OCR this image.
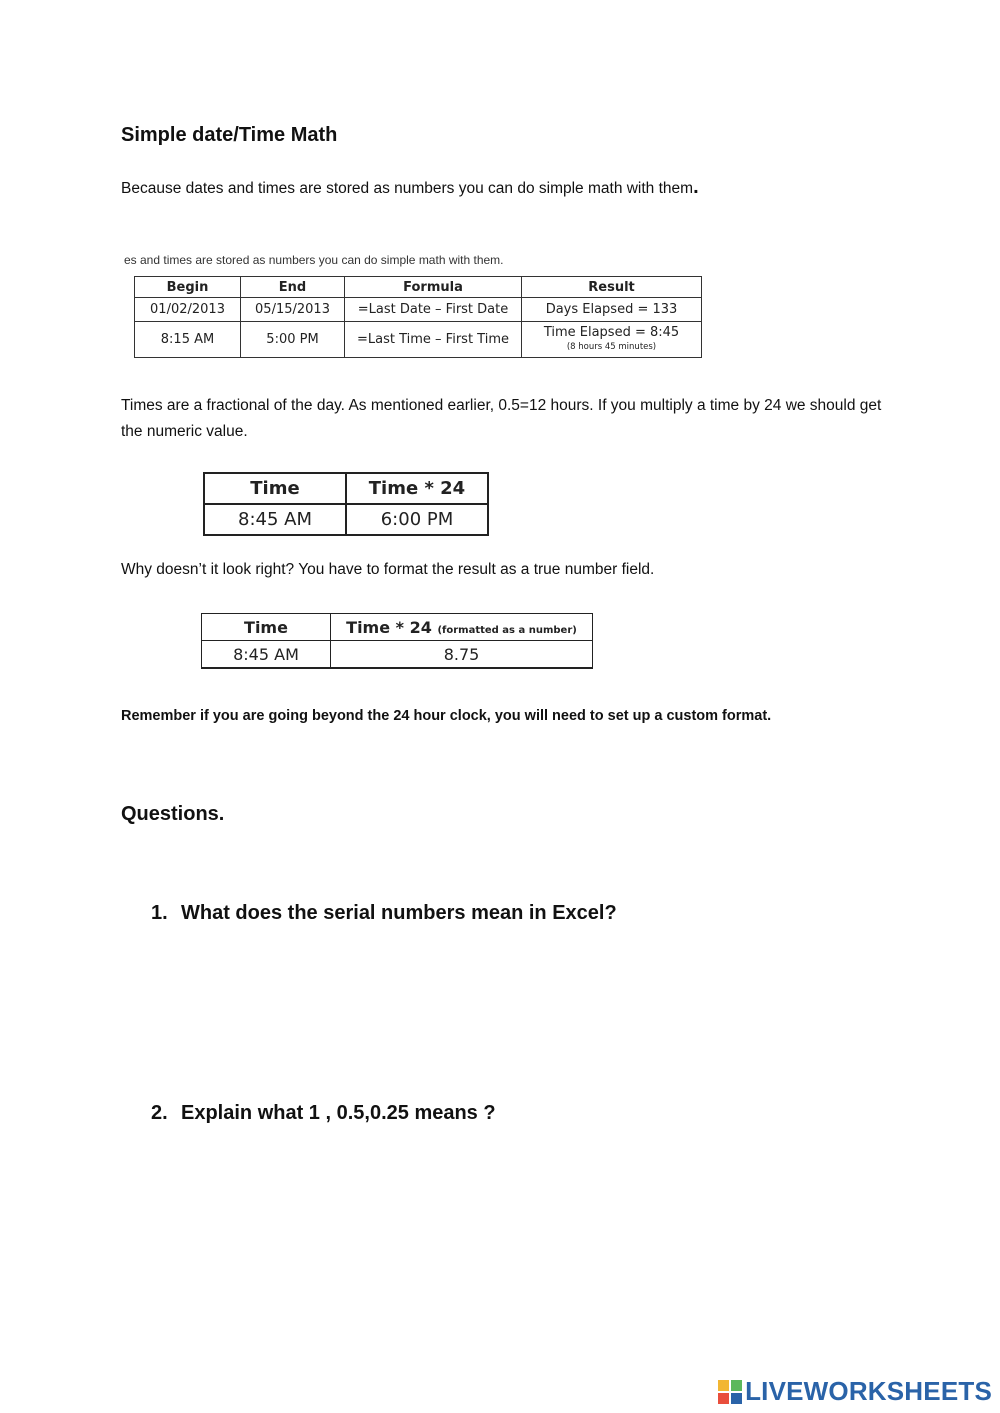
Simple date/Time Math
Because dates and times are stored as numbers you can do simple math with them.
es and times are stored as numbers you can do simple math with them.
Begin	End	Formula	Result
01/02/2013	05/15/2013	=Last Date – First Date	Days Elapsed = 133
8:15 AM	5:00 PM	=Last Time – First Time	Time Elapsed = 8:45
(8 hours 45 minutes)
Times are a fractional of the day. As mentioned earlier, 0.5=12 hours. If you multiply a time by 24 we should get the numeric value.
Time	Time * 24
8:45 AM	6:00 PM
Why doesn’t it look right? You have to format the result as a true number field.
Time	Time * 24 (formatted as a number)
8:45 AM	8.75
Remember if you are going beyond the 24 hour clock, you will need to set up a custom format.
Questions.
1. What does the serial numbers mean in Excel?
2. Explain what 1 , 0.5,0.25 means ?
LIVEWORKSHEETS
